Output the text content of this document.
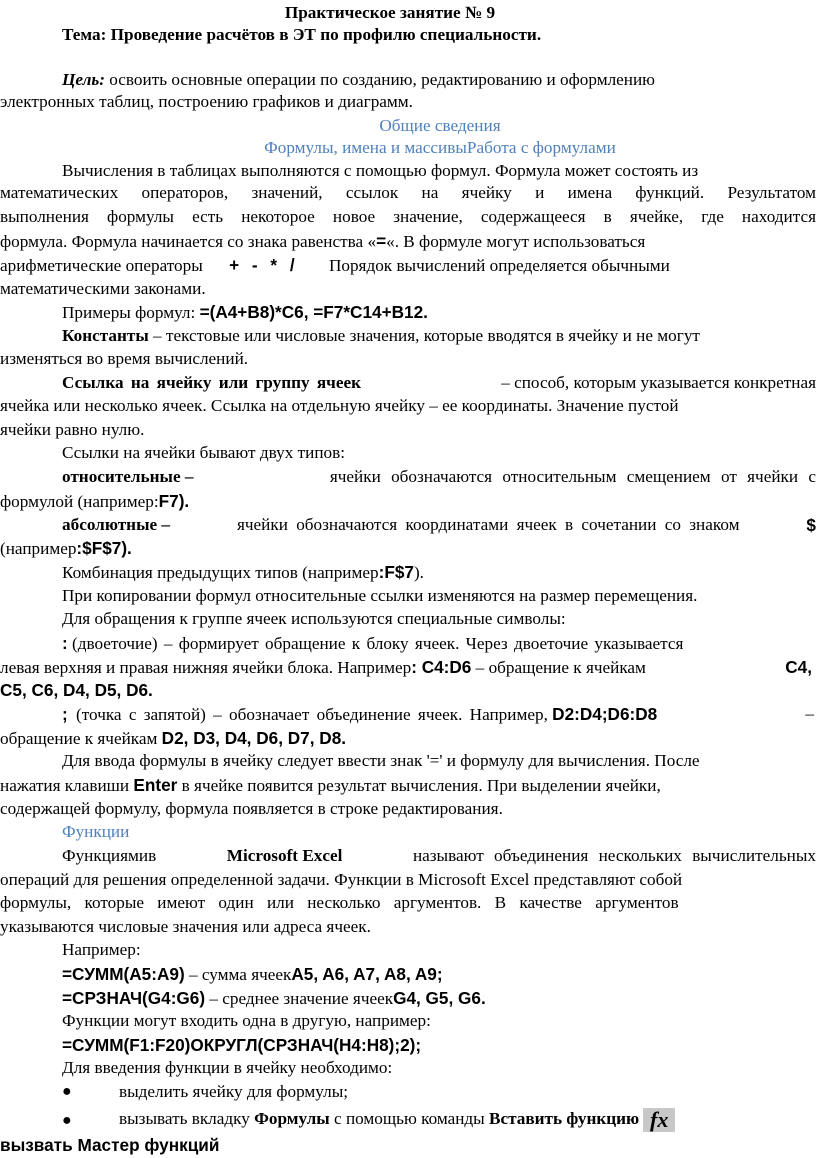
Практическое занятие № 9
Тема: Проведение расчётов в ЭТ по профилю специальности.
Цель: освоить основные операции по созданию, редактированию и оформлению
электронных таблиц, построению графиков и диаграмм.
Общие сведения
Формулы, имена и массивыРабота с формулами
Вычисления в таблицах выполняются с помощью формул. Формула может состоять из
математических операторов, значений, ссылок на ячейку и имена функций. Результатом
выполнения формулы есть некоторое новое значение, содержащееся в ячейке, где находится
формула. Формула начинается со знака равенства «=«. В формуле могут использоваться
арифметические операторы + - * / Порядок вычислений определяется обычными
математическими законами.
Примеры формул: =(A4+B8)*C6, =F7*C14+B12.
Константы – текстовые или числовые значения, которые вводятся в ячейку и не могут
изменяться во время вычислений.
Ссылка на ячейку или группу ячеек	– способ, которым указывается конкретная
ячейка или несколько ячеек. Ссылка на отдельную ячейку – ее координаты. Значение пустой
ячейки равно нулю.
Ссылки на ячейки бывают двух типов:
относительные –	ячейки обозначаются относительным смещением от ячейки с
формулой (например:F7).
абсолютные –	ячейки обозначаются координатами ячеек в сочетании со знаком	$
(например:$F$7).
Комбинация предыдущих типов (например:F$7).
При копировании формул относительные ссылки изменяются на размер перемещения.
Для обращения к группе ячеек используются специальные символы:
: (двоеточие) – формирует обращение к блоку ячеек. Через двоеточие указывается
левая верхняя и правая нижняя ячейки блока. Например: C4:D6 – обращение к ячейкам	C4,
C5, C6, D4, D5, D6.
; (точка с запятой) – обозначает объединение ячеек. Например, D2:D4;D6:D8	–
обращение к ячейкам D2, D3, D4, D6, D7, D8.
Для ввода формулы в ячейку следует ввести знак '=' и формулу для вычисления. После
нажатия клавиши Enter в ячейке появится результат вычисления. При выделении ячейки,
содержащей формулу, формула появляется в строке редактирования.
Функции
Функциямив	Microsoft Excel	называют объединения нескольких вычислительных
операций для решения определенной задачи. Функции в Microsoft Excel представляют собой
формулы, которые имеют один или несколько аргументов. В качестве аргументов
указываются числовые значения или адреса ячеек.
Например:
=СУММ(A5:A9) – сумма ячеекA5, A6, A7, A8, A9;
=СРЗНАЧ(G4:G6) – среднее значение ячеекG4, G5, G6.
Функции могут входить одна в другую, например:
=СУММ(F1:F20)ОКРУГЛ(СРЗНАЧ(H4:H8);2);
Для введения функции в ячейку необходимо:
●	выделить ячейку для формулы;
●	вызывать вкладку Формулы с помощью команды Вставить функцию fx
вызвать Мастер функций
